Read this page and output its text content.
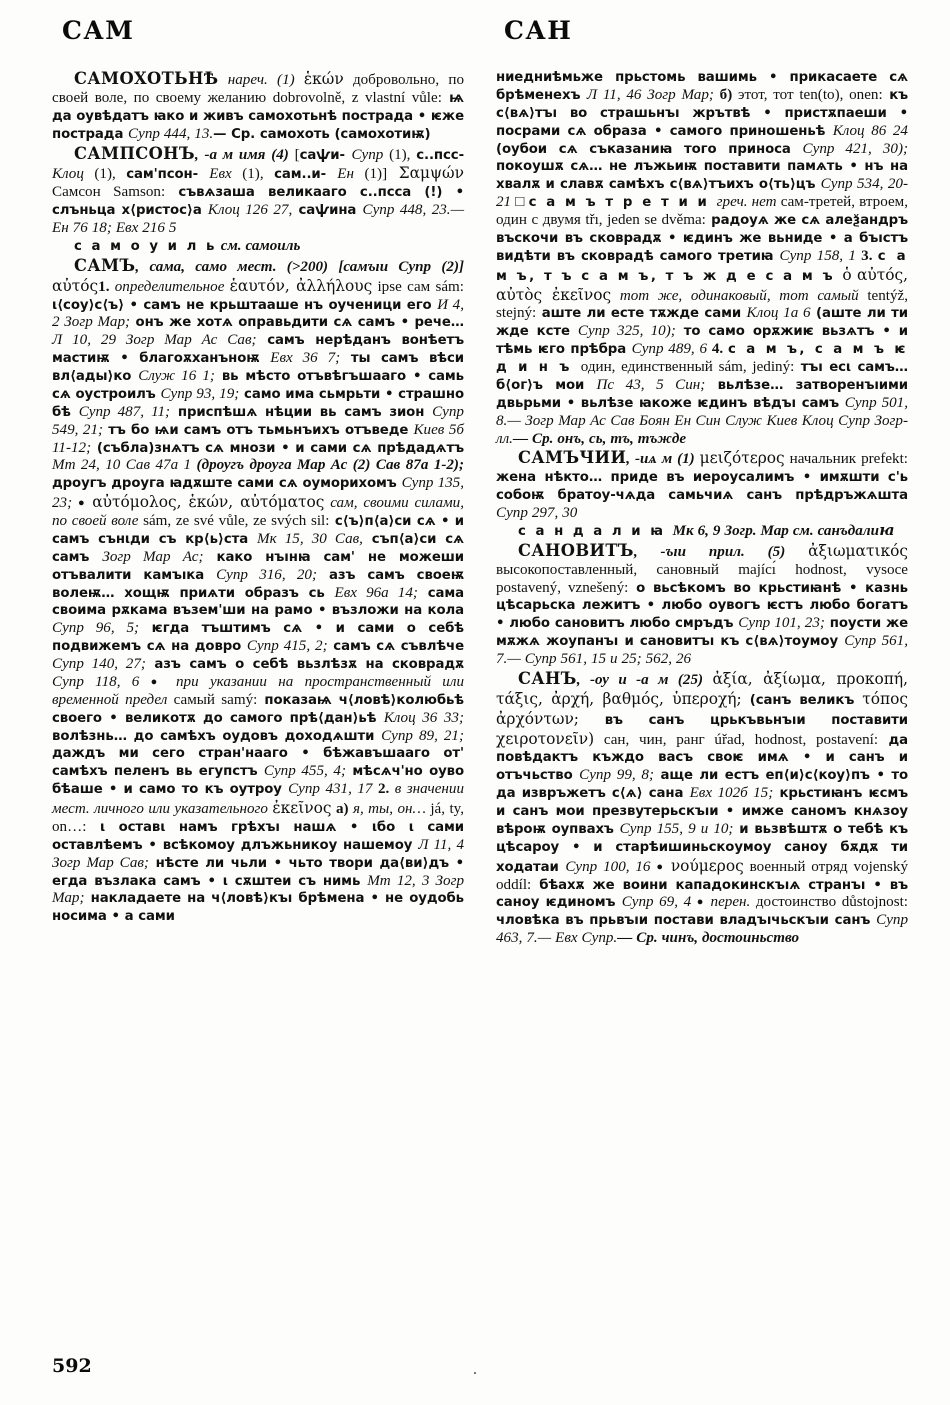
САМ

САМОХОТЬНѢ нареч. (1) ἑκών добровольно, по своей воле, по своему желанию dobrovolně, z vlastní vůle: ѩ да оувѣдатъ ꙗко и живъ самохотьнѣ пострада • ѥже пострада Супр 444, 13.— Ср. самохоть (самохотиѭ)

САМПСОНЪ, -а м имя (4) [саѱи- Супр (1), с..псс- Клоц (1), сам'псон- Евх (1), сам..и- Ен (1)] Σαμψών Самсон Samson: съвѧзаша великааго с..псса (!) • слъньца х⟨ристос⟩а Клоц 126 27, саѱина Супр 448, 23.— Ен 76 18; Евх 216 5

с а м о у и л ь см. самоиль

САМЪ, сама, само мест. (>200) [самъıи Супр (2)] αὐτός1. определительное ἑαυτόν, ἀλλήλους ipse сам sám: ι⟨соу⟩с⟨ъ⟩ • самъ не крьштааше нъ оученици его И 4, 2 Зогр Мар; онъ же хотѧ оправьдити сѧ самъ • рече… Л 10, 29 Зогр Мар Ас Сав; самъ нерѣданъ вонѣетъ мастиѭ • благоѫханъноѭ Евх 36 7; ты самъ вѣси вл⟨ады⟩ко Служ 16 1; вь мѣсто отъвѣгъшааго • самь сѧ оустроилъ Супр 93, 19; само има сьмрьти • страшно бѣ Супр 487, 11; приспѣшѧ нѣции вь самъ зион Супр 549, 21; тъ бо ѩи самъ отъ тьмьнъихъ отъведе Киев 5б 11-12; (събла)знѧтъ сѧ мнози • и сами сѧ прѣдадѧтъ Мт 24, 10 Сав 47а 1 (дроугъ дроуга Мар Ас (2) Сав 87а 1-2); дроугъ дроуга ꙗдѫште сами сѧ оуморихомъ Супр 135, 23; ● αὐτόμολος, ἑκών, αὐτόματος сам, своими силами, по своей воле sám, ze své vůle, ze svých sil: с⟨ъ⟩п⟨а⟩си сѧ • и самъ сънιди съ кр⟨ь⟩ста Мк 15, 30 Сав, съп⟨а⟩си сѧ самъ Зогр Мар Ас; како нъıнꙗ сам' не можеши отъвалити камъıка Супр 316, 20; азъ самъ своеѭ волеѭ… хощѭ приѧти образъ сь Евх 96а 14; сама своима рѫкама възем'ши на рамо • възложи на кола Супр 96, 5; ѥгда тъштимъ сѧ • и сами о себѣ подвижемъ сѧ на довро Супр 415, 2; самъ сѧ съвлѣче Супр 140, 27; азъ самъ о себѣ вьзлѣзѫ на сковрадѫ Супр 118, 6 ● при указании на пространственный или временной предел самый samý: показаѩ ч⟨ловѣ⟩колюбьѣ своего • великотѫ до самого прѣ⟨дан⟩ьѣ Клоц 36 33; волѣзнь… до самѣхъ оудовъ доходѧшти Супр 89, 21; даждъ ми сего стран'нааго • бѣжавъшааго от' самѣхъ пеленъ вь егупстъ Супр 455, 4; мѣсѧч'но оуво бѣаше • и само то къ оутроу Супр 431, 17 2. в значении мест. личного или указательного ἐκεῖνος а) я, ты, он… já, ty, on…: ι оставι намъ грѣхъı нашѧ • ιбо ι сами оставлѣемъ • вcѣкомоу длъжьникоу нашемоу Л 11, 4 Зогр Мар Сав; нѣсте ли чьли • чьто твори да⟨ви⟩дъ • егда възлака самъ • ι сѫштеи съ нимь Мт 12, 3 Зогр Мар; накладаете на ч⟨ловѣ⟩къı брѣмена • не оудобь носима • а сами

САН

ниедниѣмьже прьстомь вашимь • прикасаете сѧ брѣменехъ Л 11, 46 Зогр Мар; б) этот, тот ten(to), onen: къ с⟨вѧ⟩тъı во страшьнъı жрътвѣ • пристѫпаеши • посрами сѧ образа • самого приношеньѣ Клоц 86 24 (оубои сѧ съказаниꙗ того приноса Супр 421, 30); покоушѫ сѧ… не лъжьиѭ поставити памѧть • нъ на хвалѫ и славѫ самѣхъ с⟨вѧ⟩тъихъ о⟨ть⟩цъ Супр 534, 20-21 □ с а м ъ т р е т и и греч. нет сам-третей, втроем, один с двумя třı, jeden se dvěma: радоуѧ же сѧ алеѯандръ въскочи въ сковрадѫ • ѥдинъ же вьниде • а бъıстъ видѣти въ сковрадѣ самого третиꙗ Супр 158, 1 3. с а м ъ, т ъ с а м ъ, т ъ ж д е с а м ъ ὁ αὐτός, αὐτὸς ἐκεῖνος тот же, одинаковый, тот самый tentýž, stejný: аште ли есте тѫжде сами Клоц 1а 6 (аште ли ти жде ксте Супр 325, 10); то само орѫжиѥ вьзѧтъ • и тѣмь ѥго прѣбра Супр 489, 6 4. с а м ъ, с а м ъ ѥ д и н ъ один, единственный sám, jediný: тъı есι самъ… б⟨ог⟩ъ мои Пс 43, 5 Син; вьлѣзе… затворенъıими двьрьми • вьлѣзе ꙗкоже ѥдинъ вѣдъı самъ Супр 501, 8.— Зогр Мар Ас Сав Боян Ен Син Служ Киев Клоц Супр Зогр-лл.— Ср. онъ, сь, тъ, тъжде

САМЪЧИИ, -иѧ м (1) μειζότερος начальник prefekt: жена нѣкто… приде въ иероусалимъ • имѫшти с'ь собоѭ братоу-чѧда самьчиѧ санъ прѣдръжѧшта Супр 297, 30

с а н д а л и ꙗ Мк 6, 9 Зогр. Мар см. санъдалиꙗ

САНОВИТЪ, -ъıи прил. (5) ἀξιωματικός высокопоставленный, сановный majícı́ hodnost, vysoce postavený, vznešený: о вьсѣкомъ во крьстиꙗнѣ • казнь цѣсарьска лежитъ • любо оувогъ ѥстъ любо богатъ • любо сановитъ любо смръдъ Супр 101, 23; поусти же мѫжѧ жоупанъı и сановитъı къ с⟨вѧ⟩тоумоу Супр 561, 7.— Супр 561, 15 и 25; 562, 26

САНЪ, -оу и -а м (25) ἀξία, ἀξίωμα, προκοπή, τάξις, ἀρχή, βαθμός, ὑπεροχή; (санъ великъ τόπος ἀρχόντων; въ санъ црькъвьнъıи поставити χειροτονεῖν) сан, чин, ранг úřad, hodnost, postavení: да повѣдактъ къждо васъ своѥ имѧ • и санъ и отъчьство Супр 99, 8; аще ли естъ еп⟨и⟩с⟨коу⟩пъ • то да извръжетъ с⟨ѧ⟩ сана Евх 102б 15; крьстиꙗнъ ѥсмъ и санъ мои презвутерьскъıи • имже саномъ кнѧзоу вѣроѭ оупвахъ Супр 155, 9 и 10; и вьзвѣштѫ о тебѣ къ цѣсароу • и старѣишиньскоумоу саноу бѫдѫ ти ходатаи Супр 100, 16 ● νούμερος военный отряд vojenský oddíl: бѣахѫ же воини кападокинскъıѧ странъı • въ саноу ѥдиномъ Супр 69, 4 ● перен. достоинство důstojnost: чловѣка въ прьвъıи постави владъıчьскъıи санъ Супр 463, 7.— Евх Супр.— Ср. чинъ, достоиньство

592
